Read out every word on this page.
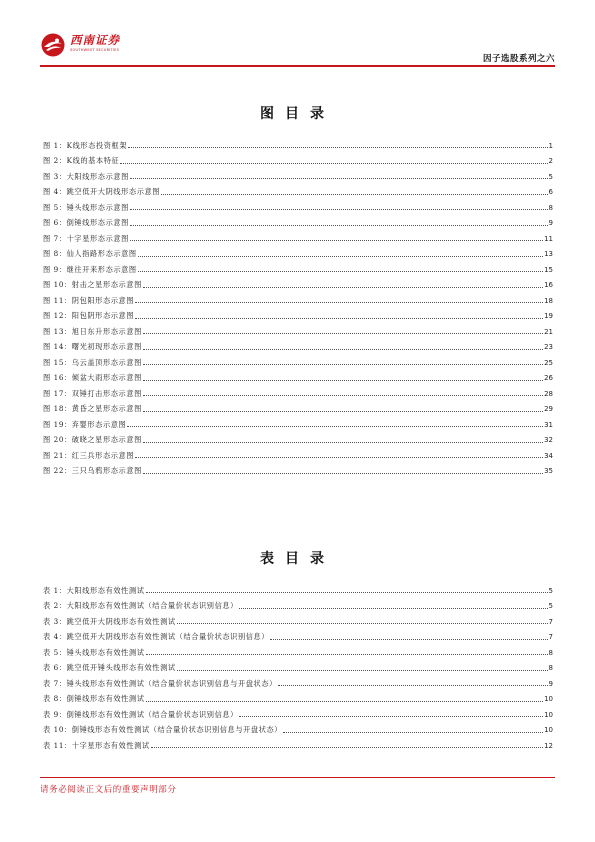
西南证券
SOUTHWEST SECURITIES
因子选股系列之六
图目录
图 1：K线形态投资框架	1
图 2：K线的基本特征	2
图 3：大阳线形态示意图	5
图 4：跳空低开大阴线形态示意图	6
图 5：锤头线形态示意图	8
图 6：倒锤线形态示意图	9
图 7：十字星形态示意图	11
图 8：仙人指路形态示意图	13
图 9：继往开来形态示意图	15
图 10：射击之星形态示意图	16
图 11：阴包阳形态示意图	18
图 12：阳包阴形态示意图	19
图 13：旭日东升形态示意图	21
图 14：曙光初现形态示意图	23
图 15：乌云盖顶形态示意图	25
图 16：倾盆大雨形态示意图	26
图 17：双锤打击形态示意图	28
图 18：黄昏之星形态示意图	29
图 19：弃婴形态示意图	31
图 20：破晓之星形态示意图	32
图 21：红三兵形态示意图	34
图 22：三只乌鸦形态示意图	35
表目录
表 1：大阳线形态有效性测试	5
表 2：大阳线形态有效性测试（结合量价状态识别信息）	5
表 3：跳空低开大阴线形态有效性测试	7
表 4：跳空低开大阴线形态有效性测试（结合量价状态识别信息）	7
表 5：锤头线形态有效性测试	8
表 6：跳空低开锤头线形态有效性测试	8
表 7：锤头线形态有效性测试（结合量价状态识别信息与开盘状态）	9
表 8：倒锤线形态有效性测试	10
表 9：倒锤线形态有效性测试（结合量价状态识别信息）	10
表 10：倒锤线形态有效性测试（结合量价状态识别信息与开盘状态）	10
表 11：十字星形态有效性测试	12
请务必阅读正文后的重要声明部分
